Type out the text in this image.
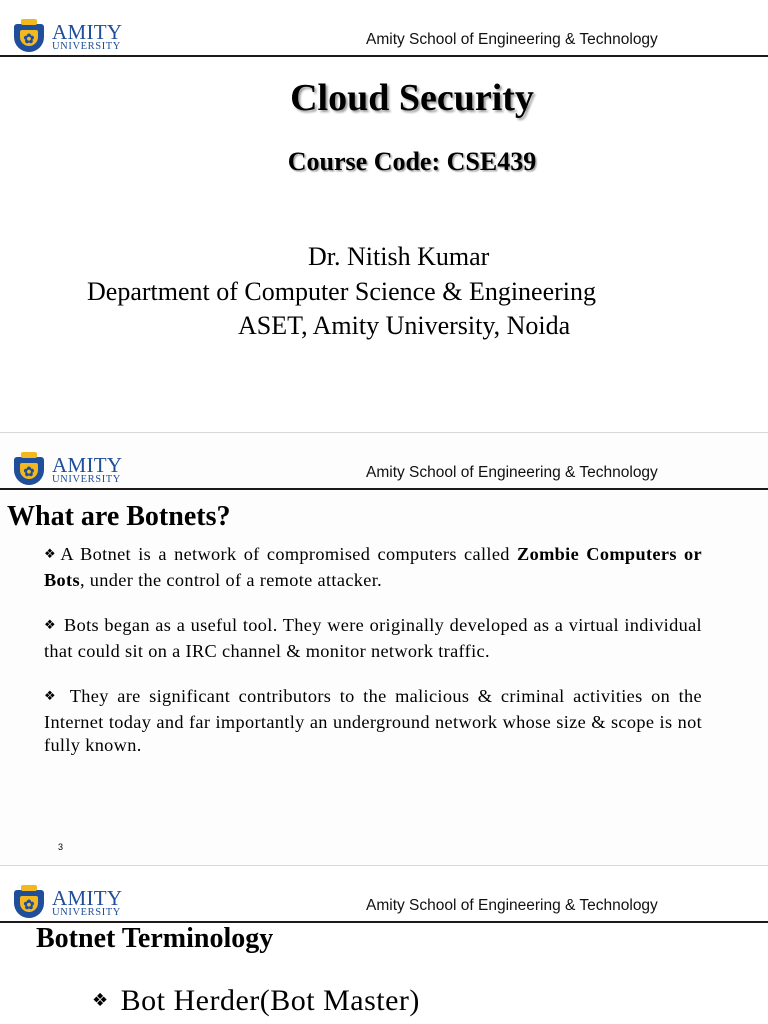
✿ AMITY
UNIVERSITY	Amity School of Engineering & Technology
Cloud Security
Course Code: CSE439
Dr. Nitish Kumar
Department of Computer Science & Engineering
ASET, Amity University, Noida
✿ AMITY
UNIVERSITY	Amity School of Engineering & Technology
What are Botnets?

❖ A Botnet is a network of compromised computers called Zombie Computers or Bots, under the control of a remote attacker.

❖ Bots began as a useful tool. They were originally developed as a virtual individual that could sit on a IRC channel & monitor network traffic.

❖ They are significant contributors to the malicious & criminal activities on the Internet today and far importantly an underground network whose size & scope is not fully known.

3
✿ AMITY
UNIVERSITY	Amity School of Engineering & Technology
Botnet Terminology
❖ Bot Herder(Bot Master)
